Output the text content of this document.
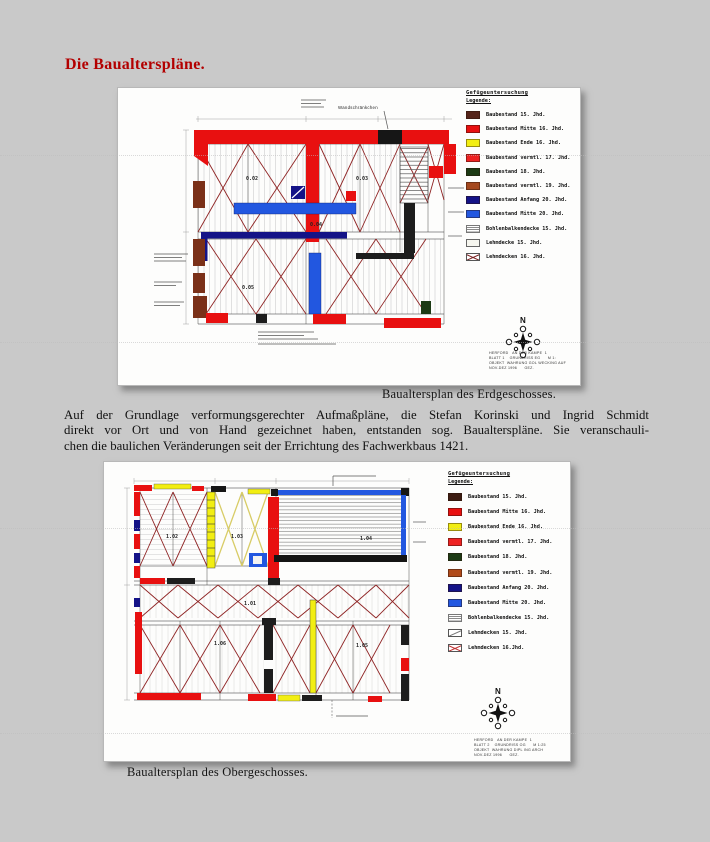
Die Baualterspläne.
0.02	0.03
0.04
0.05
Wandschränkchen
Gefügeuntersuchung
Legende:
Baubestand 15. Jhd.
Baubestand Mitte 16. Jhd.
Baubestand Ende 16. Jhd.
Baubestand vermtl. 17. Jhd.
Baubestand 18. Jhd.
Baubestand vermtl. 19. Jhd.
Baubestand Anfang 20. Jhd.
Baubestand Mitte 20. Jhd.
Bohlenbalkendecke 15. Jhd.
Lehmdecke 15. Jhd.
Lehmdecken 16. Jhd.
N
HERFORD   AN DER KAMPE  1
BLATT 1    GRUNDRISS EG      M 1:
OBJEKT  WAHRUNG GOL WECKING AUF
NOV-DEZ 1996      GEZ.
Baualtersplan des Erdgeschosses.
Auf der Grundlage verformungsgerechter Aufmaßpläne, die Stefan Korinski und Ingrid Schmidt
direkt vor Ort und von Hand gezeichnet haben, entstanden sog. Baualterspläne. Sie veranschauli-
chen die baulichen Veränderungen seit der Errichtung des Fachwerkbaus 1421.
1.02	1.03	1.04
1.01
1.06	1.05
Gefügeuntersuchung
Legende:
Baubestand 15. Jhd.
Baubestand Mitte 16. Jhd.
Baubestand Ende 16. Jhd.
Baubestand vermtl. 17. Jhd.
Baubestand 18. Jhd.
Baubestand vermtl. 19. Jhd.
Baubestand Anfang 20. Jhd.
Baubestand Mitte 20. Jhd.
Bohlenbalkendecke 15. Jhd.
Lehmdecken 15. Jhd.
Lehmdecken 16.Jhd.
N
HERFORD   AN DER KAMPE  1
BLATT 2    GRUNDRISS OG      M 1:25
OBJEKT  WAHRUNG DIPL ING ARCH
NOV-DEZ 1996      GEZ.
Baualtersplan des Obergeschosses.
